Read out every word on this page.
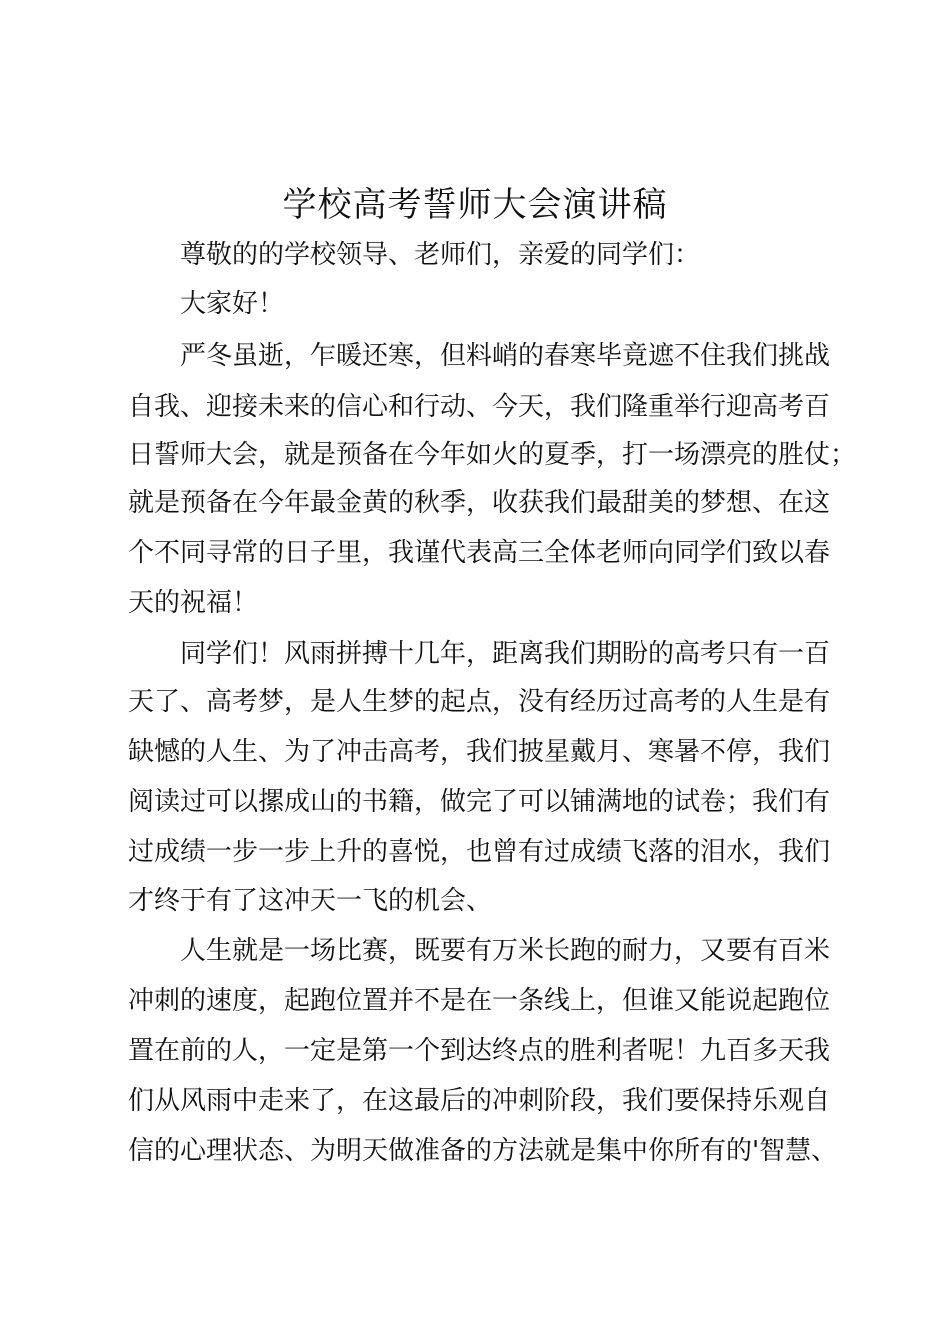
学校高考誓师大会演讲稿

尊敬的的学校领导、老师们，亲爱的同学们：

大家好！

严冬虽逝，乍暖还寒，但料峭的春寒毕竟遮不住我们挑战

自我、迎接未来的信心和行动、今天，我们隆重举行迎高考百

日誓师大会，就是预备在今年如火的夏季，打一场漂亮的胜仗；

就是预备在今年最金黄的秋季，收获我们最甜美的梦想、在这

个不同寻常的日子里，我谨代表高三全体老师向同学们致以春

天的祝福！

同学们！风雨拼搏十几年，距离我们期盼的高考只有一百

天了、高考梦，是人生梦的起点，没有经历过高考的人生是有

缺憾的人生、为了冲击高考，我们披星戴月、寒暑不停，我们

阅读过可以摞成山的书籍，做完了可以铺满地的试卷；我们有

过成绩一步一步上升的喜悦，也曾有过成绩飞落的泪水，我们

才终于有了这冲天一飞的机会、

人生就是一场比赛，既要有万米长跑的耐力，又要有百米

冲刺的速度，起跑位置并不是在一条线上，但谁又能说起跑位

置在前的人，一定是第一个到达终点的胜利者呢！九百多天我

们从风雨中走来了，在这最后的冲刺阶段，我们要保持乐观自

信的心理状态、为明天做准备的方法就是集中你所有的'智慧、
